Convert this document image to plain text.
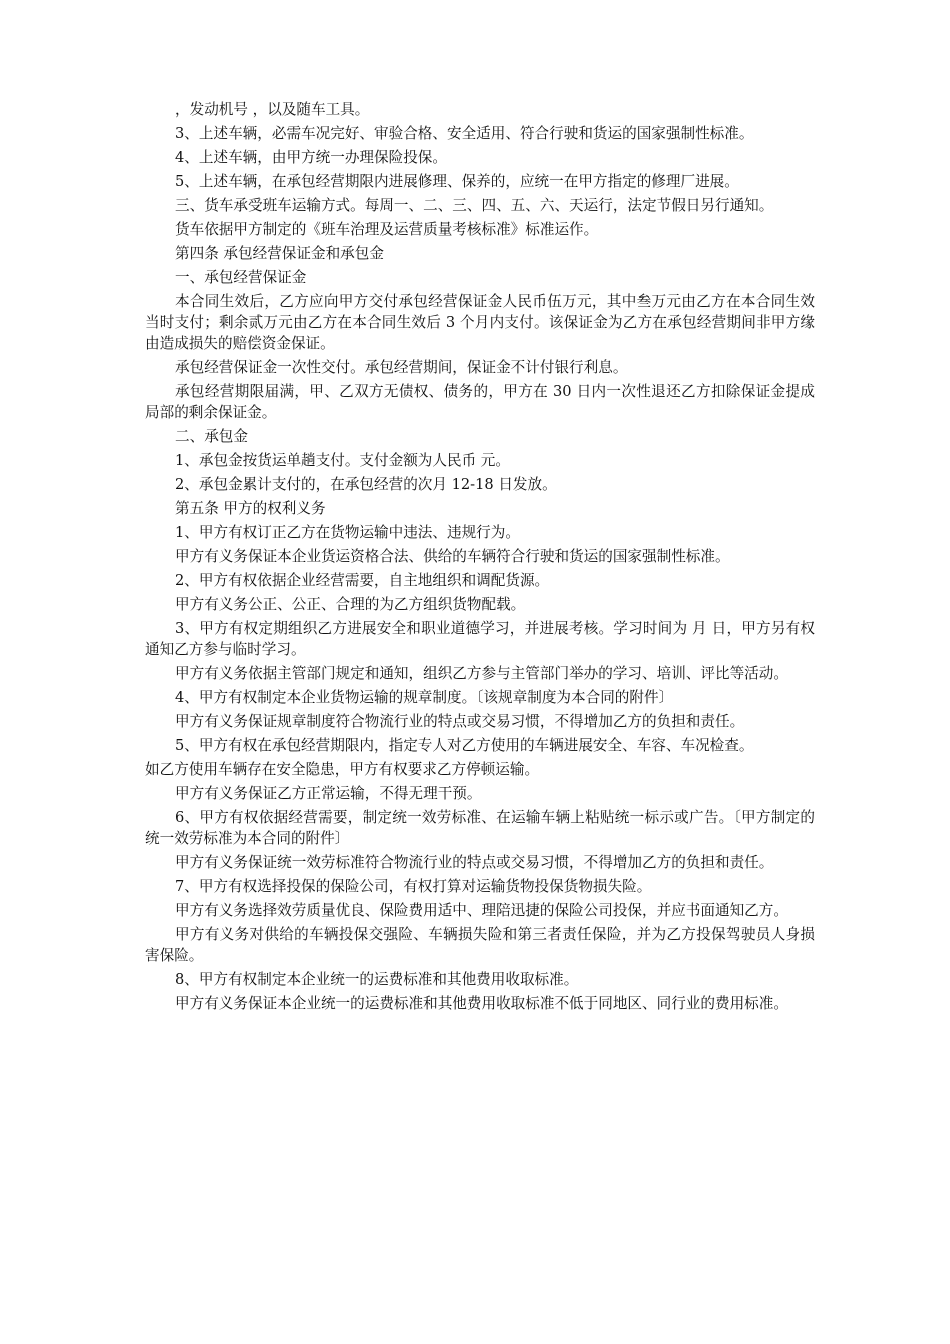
，发动机号 ，以及随车工具。

3、上述车辆，必需车况完好、审验合格、安全适用、符合行驶和货运的国家强制性标准。

4、上述车辆，由甲方统一办理保险投保。

5、上述车辆，在承包经营期限内进展修理、保养的，应统一在甲方指定的修理厂进展。

三、货车承受班车运输方式。每周一、二、三、四、五、六、天运行，法定节假日另行通知。

货车依据甲方制定的《班车治理及运营质量考核标准》标准运作。

第四条 承包经营保证金和承包金

一、承包经营保证金

本合同生效后，乙方应向甲方交付承包经营保证金人民币伍万元，其中叁万元由乙方在本合同生效当时支付；剩余贰万元由乙方在本合同生效后 3 个月内支付。该保证金为乙方在承包经营期间非甲方缘由造成损失的赔偿资金保证。

承包经营保证金一次性交付。承包经营期间，保证金不计付银行利息。

承包经营期限届满，甲、乙双方无债权、债务的，甲方在 30 日内一次性退还乙方扣除保证金提成局部的剩余保证金。

二、承包金

1、承包金按货运单趟支付。支付金额为人民币 元。

2、承包金累计支付的，在承包经营的次月 12-18 日发放。

第五条 甲方的权利义务

1、甲方有权订正乙方在货物运输中违法、违规行为。

甲方有义务保证本企业货运资格合法、供给的车辆符合行驶和货运的国家强制性标准。

2、甲方有权依据企业经营需要，自主地组织和调配货源。

甲方有义务公正、公正、合理的为乙方组织货物配载。

3、甲方有权定期组织乙方进展安全和职业道德学习，并进展考核。学习时间为 月 日，甲方另有权通知乙方参与临时学习。

甲方有义务依据主管部门规定和通知，组织乙方参与主管部门举办的学习、培训、评比等活动。

4、甲方有权制定本企业货物运输的规章制度。〔该规章制度为本合同的附件〕

甲方有义务保证规章制度符合物流行业的特点或交易习惯，不得增加乙方的负担和责任。

5、甲方有权在承包经营期限内，指定专人对乙方使用的车辆进展安全、车容、车况检查。

如乙方使用车辆存在安全隐患，甲方有权要求乙方停顿运输。

甲方有义务保证乙方正常运输，不得无理干预。

6、甲方有权依据经营需要，制定统一效劳标准、在运输车辆上粘贴统一标示或广告。〔甲方制定的统一效劳标准为本合同的附件〕

甲方有义务保证统一效劳标准符合物流行业的特点或交易习惯，不得增加乙方的负担和责任。

7、甲方有权选择投保的保险公司，有权打算对运输货物投保货物损失险。

甲方有义务选择效劳质量优良、保险费用适中、理陪迅捷的保险公司投保，并应书面通知乙方。

甲方有义务对供给的车辆投保交强险、车辆损失险和第三者责任保险，并为乙方投保驾驶员人身损害保险。

8、甲方有权制定本企业统一的运费标准和其他费用收取标准。

甲方有义务保证本企业统一的运费标准和其他费用收取标准不低于同地区、同行业的费用标准。
